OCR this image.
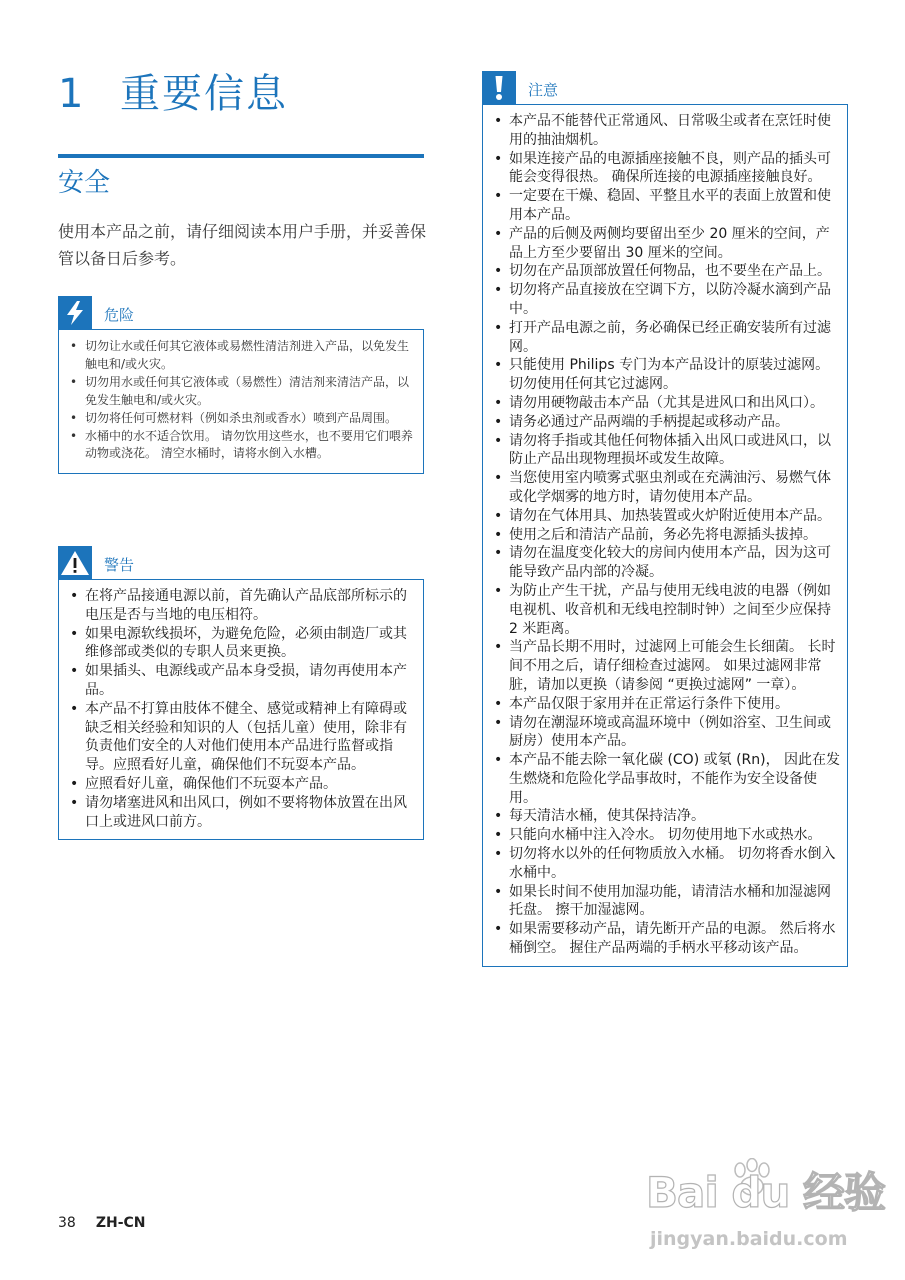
1 重要信息
安全

使用本产品之前，请仔细阅读本用户手册，并妥善保管以备日后参考。

危险
• 切勿让水或任何其它液体或易燃性清洁剂进入产品，以免发生触电和/或火灾。
• 切勿用水或任何其它液体或（易燃性）清洁剂来清洁产品，以免发生触电和/或火灾。
• 切勿将任何可燃材料（例如杀虫剂或香水）喷到产品周围。
• 水桶中的水不适合饮用。 请勿饮用这些水，也不要用它们喂养动物或浇花。 清空水桶时，请将水倒入水槽。
警告
• 在将产品接通电源以前，首先确认产品底部所标示的电压是否与当地的电压相符。
• 如果电源软线损坏，为避免危险，必须由制造厂或其维修部或类似的专职人员来更换。
• 如果插头、电源线或产品本身受损，请勿再使用本产品。
• 本产品不打算由肢体不健全、感觉或精神上有障碍或缺乏相关经验和知识的人（包括儿童）使用，除非有负责他们安全的人对他们使用本产品进行监督或指导。应照看好儿童，确保他们不玩耍本产品。
• 应照看好儿童，确保他们不玩耍本产品。
• 请勿堵塞进风和出风口，例如不要将物体放置在出风口上或进风口前方。
注意
• 本产品不能替代正常通风、日常吸尘或者在烹饪时使用的抽油烟机。
• 如果连接产品的电源插座接触不良，则产品的插头可能会变得很热。 确保所连接的电源插座接触良好。
• 一定要在干燥、稳固、平整且水平的表面上放置和使用本产品。
• 产品的后侧及两侧均要留出至少 20 厘米的空间，产品上方至少要留出 30 厘米的空间。
• 切勿在产品顶部放置任何物品，也不要坐在产品上。
• 切勿将产品直接放在空调下方，以防冷凝水滴到产品中。
• 打开产品电源之前，务必确保已经正确安装所有过滤网。
• 只能使用 Philips 专门为本产品设计的原装过滤网。 切勿使用任何其它过滤网。
• 请勿用硬物敲击本产品（尤其是进风口和出风口）。
• 请务必通过产品两端的手柄提起或移动产品。
• 请勿将手指或其他任何物体插入出风口或进风口，以防止产品出现物理损坏或发生故障。
• 当您使用室内喷雾式驱虫剂或在充满油污、易燃气体或化学烟雾的地方时，请勿使用本产品。
• 请勿在气体用具、加热装置或火炉附近使用本产品。
• 使用之后和清洁产品前，务必先将电源插头拔掉。
• 请勿在温度变化较大的房间内使用本产品，因为这可能导致产品内部的冷凝。
• 为防止产生干扰，产品与使用无线电波的电器（例如电视机、收音机和无线电控制时钟）之间至少应保持 2 米距离。
• 当产品长期不用时，过滤网上可能会生长细菌。 长时间不用之后，请仔细检查过滤网。 如果过滤网非常脏，请加以更换（请参阅 “更换过滤网” 一章）。
• 本产品仅限于家用并在正常运行条件下使用。
• 请勿在潮湿环境或高温环境中（例如浴室、卫生间或厨房）使用本产品。
• 本产品不能去除一氧化碳 (CO) 或氡 (Rn)， 因此在发生燃烧和危险化学品事故时，不能作为安全设备使用。
• 每天清洁水桶，使其保持洁净。
• 只能向水桶中注入冷水。 切勿使用地下水或热水。
• 切勿将水以外的任何物质放入水桶。 切勿将香水倒入水桶中。
• 如果长时间不使用加湿功能，请清洁水桶和加湿滤网托盘。 擦干加湿滤网。
• 如果需要移动产品，请先断开产品的电源。 然后将水桶倒空。 握住产品两端的手柄水平移动该产品。
38 ZH-CN
Bai du 经验
jingyan.baidu.com
